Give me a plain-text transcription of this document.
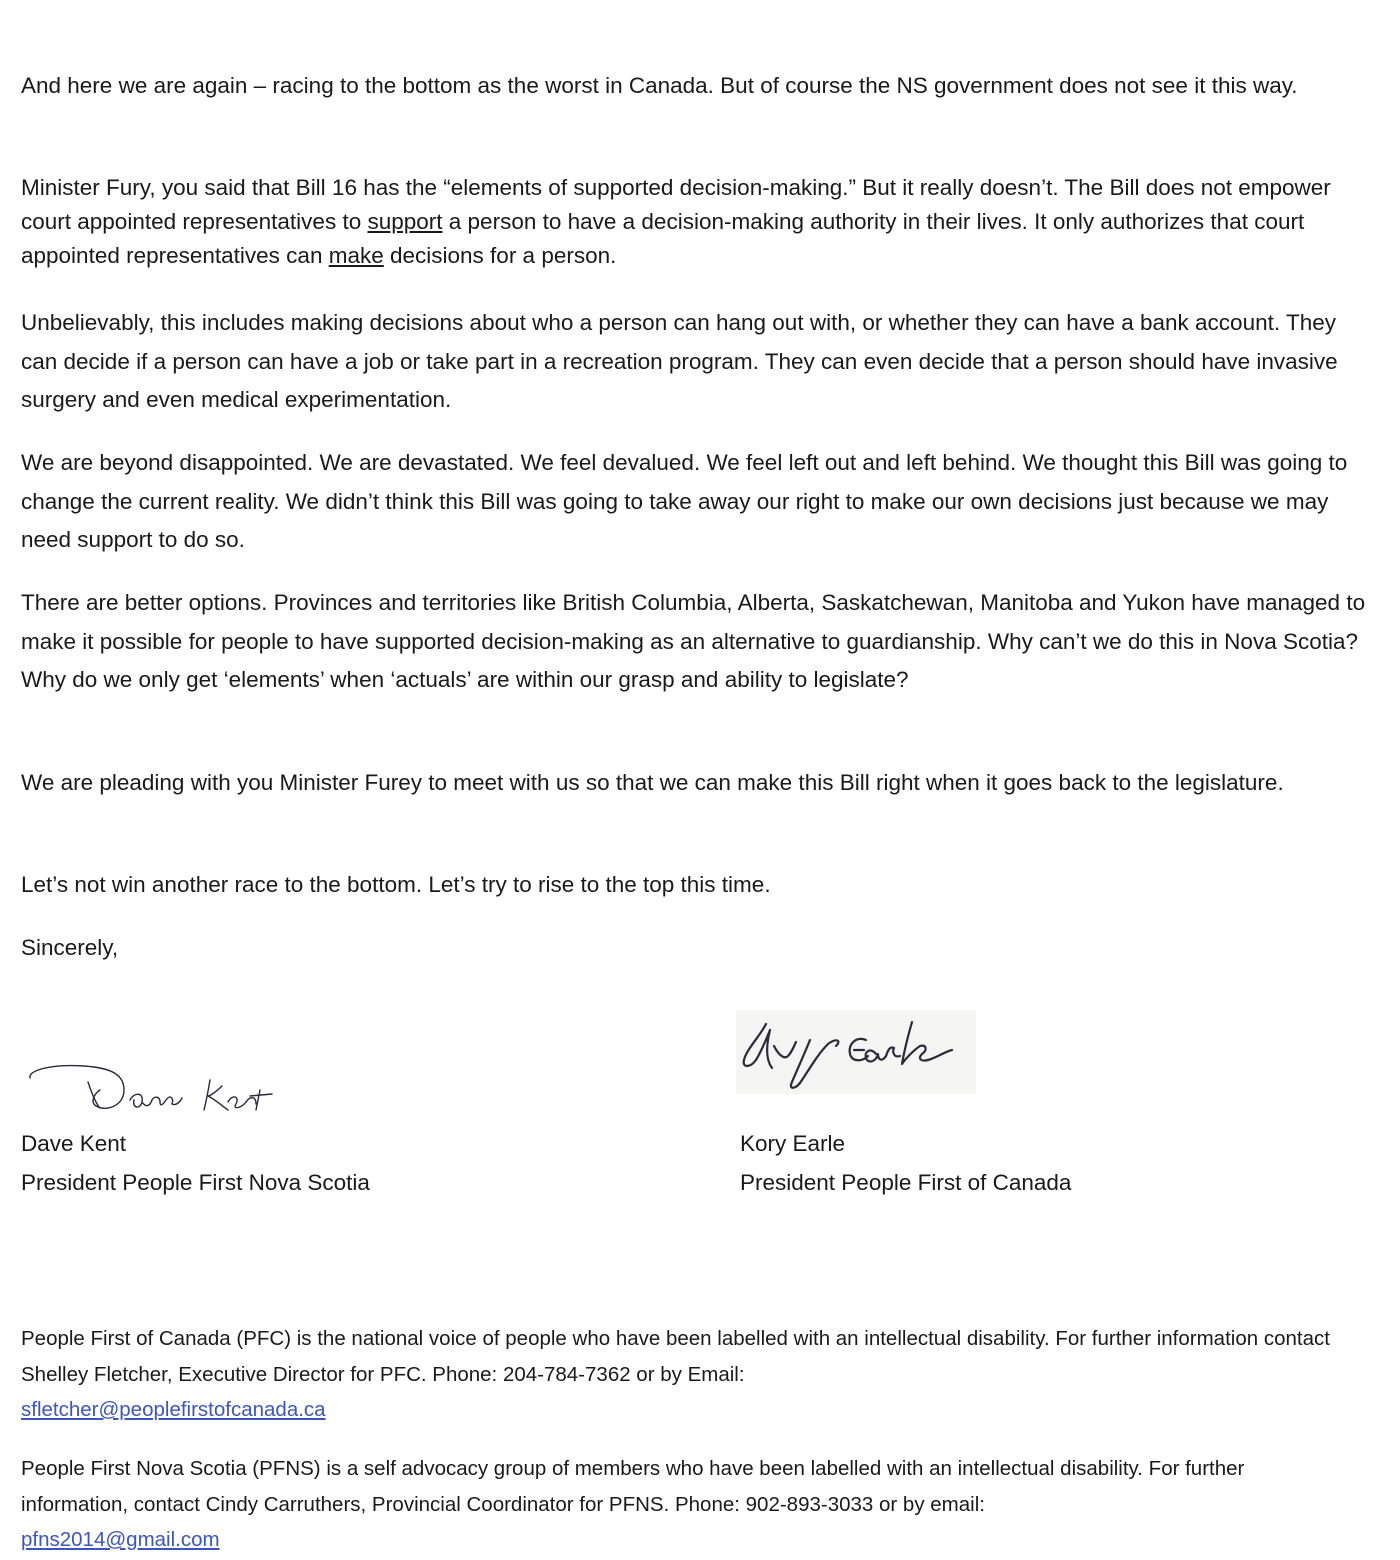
And here we are again – racing to the bottom as the worst in Canada. But of course the NS government does not see it this way.

Minister Fury, you said that Bill 16 has the “elements of supported decision-making.” But it really doesn’t. The Bill does not empower court appointed representatives to support a person to have a decision-making authority in their lives. It only authorizes that court appointed representatives can make decisions for a person.

Unbelievably, this includes making decisions about who a person can hang out with, or whether they can have a bank account. They can decide if a person can have a job or take part in a recreation program. They can even decide that a person should have invasive surgery and even medical experimentation.

We are beyond disappointed. We are devastated. We feel devalued. We feel left out and left behind. We thought this Bill was going to change the current reality. We didn’t think this Bill was going to take away our right to make our own decisions just because we may need support to do so.

There are better options. Provinces and territories like British Columbia, Alberta, Saskatchewan, Manitoba and Yukon have managed to make it possible for people to have supported decision-making as an alternative to guardianship. Why can’t we do this in Nova Scotia? Why do we only get ‘elements’ when ‘actuals’ are within our grasp and ability to legislate?

We are pleading with you Minister Furey to meet with us so that we can make this Bill right when it goes back to the legislature.

Let’s not win another race to the bottom. Let’s try to rise to the top this time.

Sincerely,

Dave Kent
President People First Nova Scotia
Kory Earle
President People First of Canada

People First of Canada (PFC) is the national voice of people who have been labelled with an intellectual disability. For further information contact Shelley Fletcher, Executive Director for PFC. Phone: 204-784-7362 or by Email:
sfletcher@peoplefirstofcanada.ca

People First Nova Scotia (PFNS) is a self advocacy group of members who have been labelled with an intellectual disability. For further information, contact Cindy Carruthers, Provincial Coordinator for PFNS. Phone: 902-893-3033 or by email:
pfns2014@gmail.com
